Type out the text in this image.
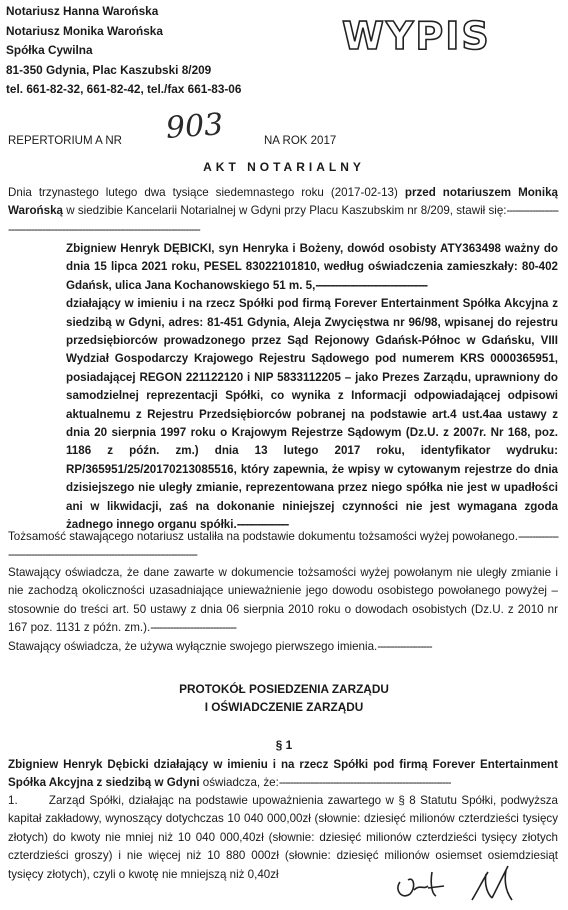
Notariusz Hanna Warońska
Notariusz Monika Warońska
Spółka Cywilna
81-350 Gdynia, Plac Kaszubski 8/209
tel. 661-82-32, 661-82-42, tel./fax 661-83-06
WYPIS
REPERTORIUM A NR 903	NA ROK 2017
AKT NOTARIALNY

Dnia trzynastego lutego dwa tysiące siedemnastego roku (2017-02-13) przed notariuszem Moniką Warońską w siedzibie Kancelarii Notarialnej w Gdyni przy Placu Kaszubskim nr 8/209, stawił się:-------------------------------------------------------------------------------------

Zbigniew Henryk DĘBICKI, syn Henryka i Bożeny, dowód osobisty ATY363498 ważny do dnia 15 lipca 2021 roku, PESEL 83022101810, według oświadczenia zamieszkały: 80-402 Gdańsk, ulica Jana Kochanowskiego 51 m. 5,---------------------------------------

działający w imieniu i na rzecz Spółki pod firmą Forever Entertainment Spółka Akcyjna z siedzibą w Gdyni, adres: 81-451 Gdynia, Aleja Zwycięstwa nr 96/98, wpisanej do rejestru przedsiębiorców prowadzonego przez Sąd Rejonowy Gdańsk-Północ w Gdańsku, VIII Wydział Gospodarczy Krajowego Rejestru Sądowego pod numerem KRS 0000365951, posiadającej REGON 221122120 i NIP 5833112205 – jako Prezes Zarządu, uprawniony do samodzielnej reprezentacji Spółki, co wynika z Informacji odpowiadającej odpisowi aktualnemu z Rejestru Przedsiębiorców pobranej na podstawie art.4 ust.4aa ustawy z dnia 20 sierpnia 1997 roku o Krajowym Rejestrze Sądowym (Dz.U. z 2007r. Nr 168, poz. 1186 z późn. zm.) dnia 13 lutego 2017 roku, identyfikator wydruku: RP/365951/25/20170213085516, który zapewnia, że wpisy w cytowanym rejestrze do dnia dzisiejszego nie uległy zmianie, reprezentowana przez niego spółka nie jest w upadłości ani w likwidacji, zaś na dokonanie niniejszej czynności nie jest wymagana zgoda żadnego innego organu spółki.------------------

Tożsamość stawającego notariusz ustaliła na podstawie dokumentu tożsamości wyżej powołanego.--------------------------------------------------------------------------------

Stawający oświadcza, że dane zawarte w dokumencie tożsamości wyżej powołanym nie uległy zmianie i nie zachodzą okoliczności uzasadniające unieważnienie jego dowodu osobistego powołanego powyżej – stosownie do treści art. 50 ustawy z dnia 06 sierpnia 2010 roku o dowodach osobistych (Dz.U. z 2010 nr 167 poz. 1131 z późn. zm.).------------------------------

Stawający oświadcza, że używa wyłącznie swojego pierwszego imienia.-------------------

PROTOKÓŁ POSIEDZENIA ZARZĄDU
I OŚWIADCZENIE ZARZĄDU
§ 1

Zbigniew Henryk Dębicki działający w imieniu i na rzecz Spółki pod firmą Forever Entertainment Spółka Akcyjna z siedzibą w Gdyni oświadcza, że:------------------------------------------------------------

1.       Zarząd Spółki, działając na podstawie upoważnienia zawartego w § 8 Statutu Spółki, podwyższa kapitał zakładowy, wynoszący dotychczas 10 040 000,00zł (słownie: dziesięć milionów czterdzieści tysięcy złotych) do kwoty nie mniej niż 10 040 000,40zł (słownie: dziesięć milionów czterdzieści tysięcy złotych czterdzieści groszy) i nie więcej niż 10 880 000zł (słownie: dziesięć milionów osiemset osiemdziesiąt tysięcy złotych), czyli o kwotę nie mniejszą niż 0,40zł
